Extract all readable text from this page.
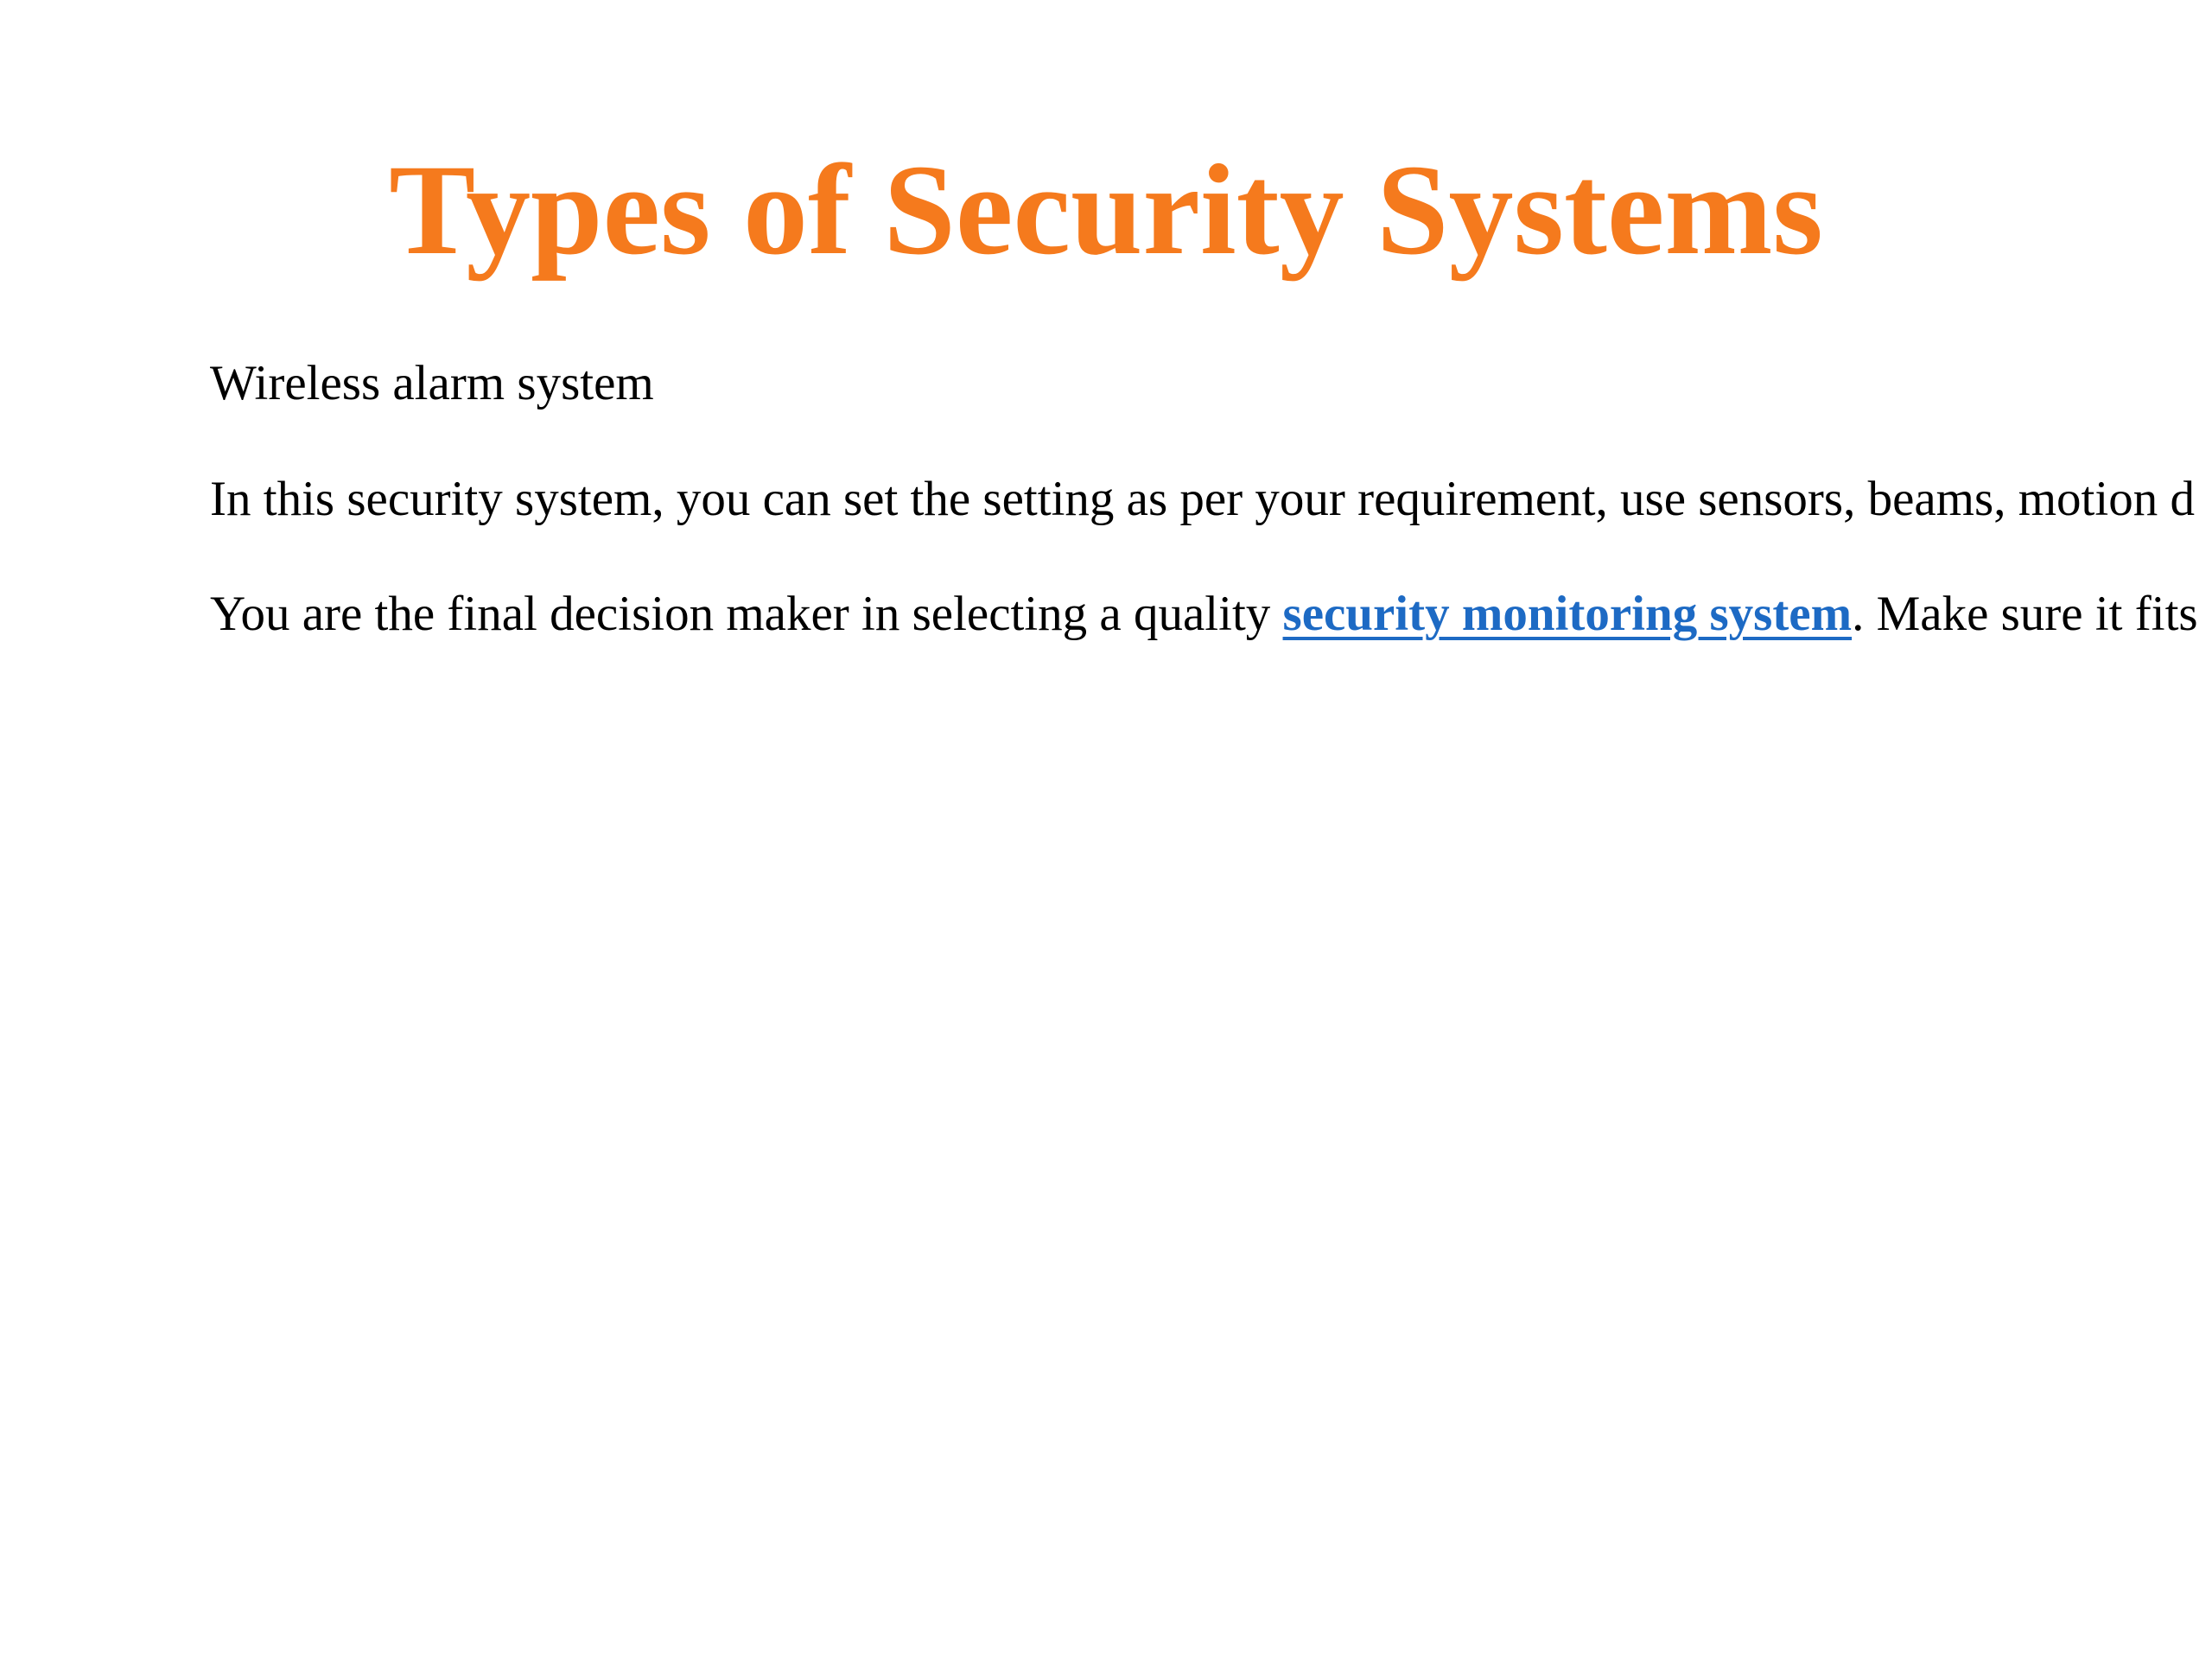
Types of Security Systems

Wireless alarm system

In this security system, you can set the setting as per your requirement, use sensors, beams, motion d

You are the final decision maker in selecting a quality security monitoring system. Make sure it fits
